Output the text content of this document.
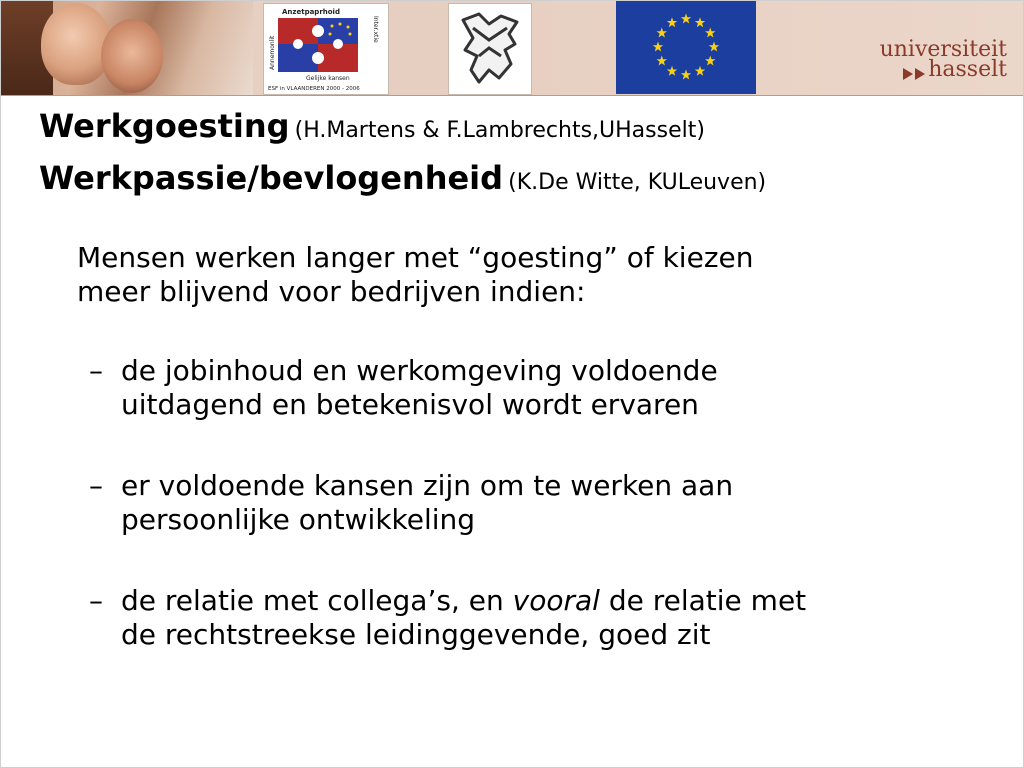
Anzetpaprhoid
Gelijke kansen
ESF in VLAANDEREN 2000 - 2006
Annemonlit
Inter.xtie
universiteit
hasselt
Werkgoesting (H.Martens & F.Lambrechts,UHasselt)
Werkpassie/bevlogenheid (K.De Witte, KULeuven)
Mensen werken langer met “goesting” of kiezen
meer blijvend voor bedrijven indien:
– de jobinhoud en werkomgeving voldoende
uitdagend en betekenisvol wordt ervaren
– er voldoende kansen zijn om te werken aan
persoonlijke ontwikkeling
– de relatie met collega’s, en vooral de relatie met
de rechtstreekse leidinggevende, goed zit
